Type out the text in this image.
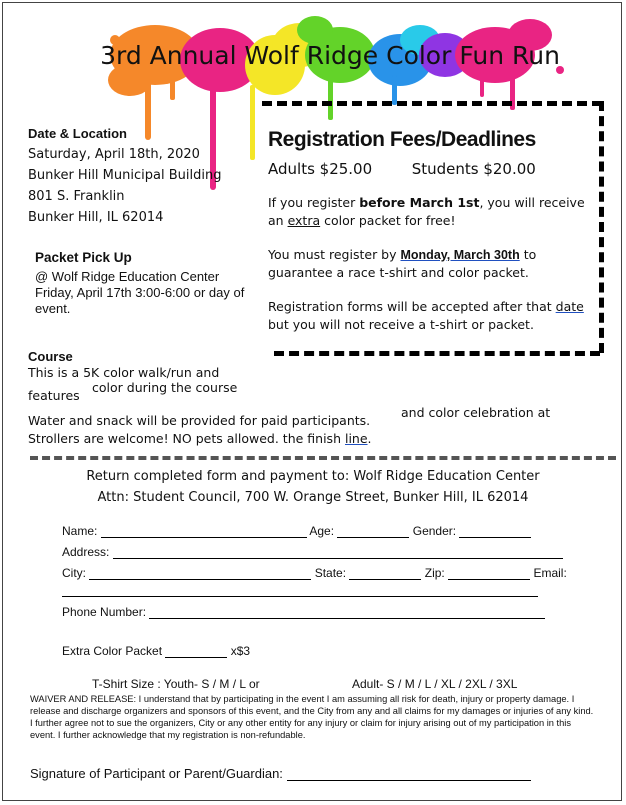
3rd Annual Wolf Ridge Color Fun Run
Date & Location
Saturday, April 18th, 2020
Bunker Hill Municipal Building
801 S. Franklin
Bunker Hill, IL 62014
Packet Pick Up
@ Wolf Ridge Education Center Friday, April 17th 3:00-6:00 or day of event.
Registration Fees/Deadlines
Adults $25.00	Students $20.00
If you register before March 1st, you will receive an extra color packet for free!
You must register by Monday, March 30th to guarantee a race t-shirt and color packet.
Registration forms will be accepted after that date but you will not receive a t-shirt or packet.
Course
This is a 5K color walk/run and
features
color during the course
Water and snack will be provided for paid participants.
and color celebration at
Strollers are welcome! NO pets allowed. the finish line.
Return completed form and payment to: Wolf Ridge Education Center
Attn: Student Council, 700 W. Orange Street, Bunker Hill, IL 62014
Name:	Age:	Gender:
Address:
City:	State:	Zip:	Email:
Phone Number:
Extra Color Packet	x$3
T-Shirt Size : Youth- S / M / L or	Adult- S / M / L / XL / 2XL / 3XL
WAIVER AND RELEASE: I understand that by participating in the event I am assuming all risk for death, injury or property damage. I release and discharge organizers and sponsors of this event, and the City from any and all claims for my damages or injuries of any kind. I further agree not to sue the organizers, City or any other entity for any injury or claim for injury arising out of my participation in this event. I further acknowledge that my registration is non-refundable.
Signature of Participant or Parent/Guardian:
